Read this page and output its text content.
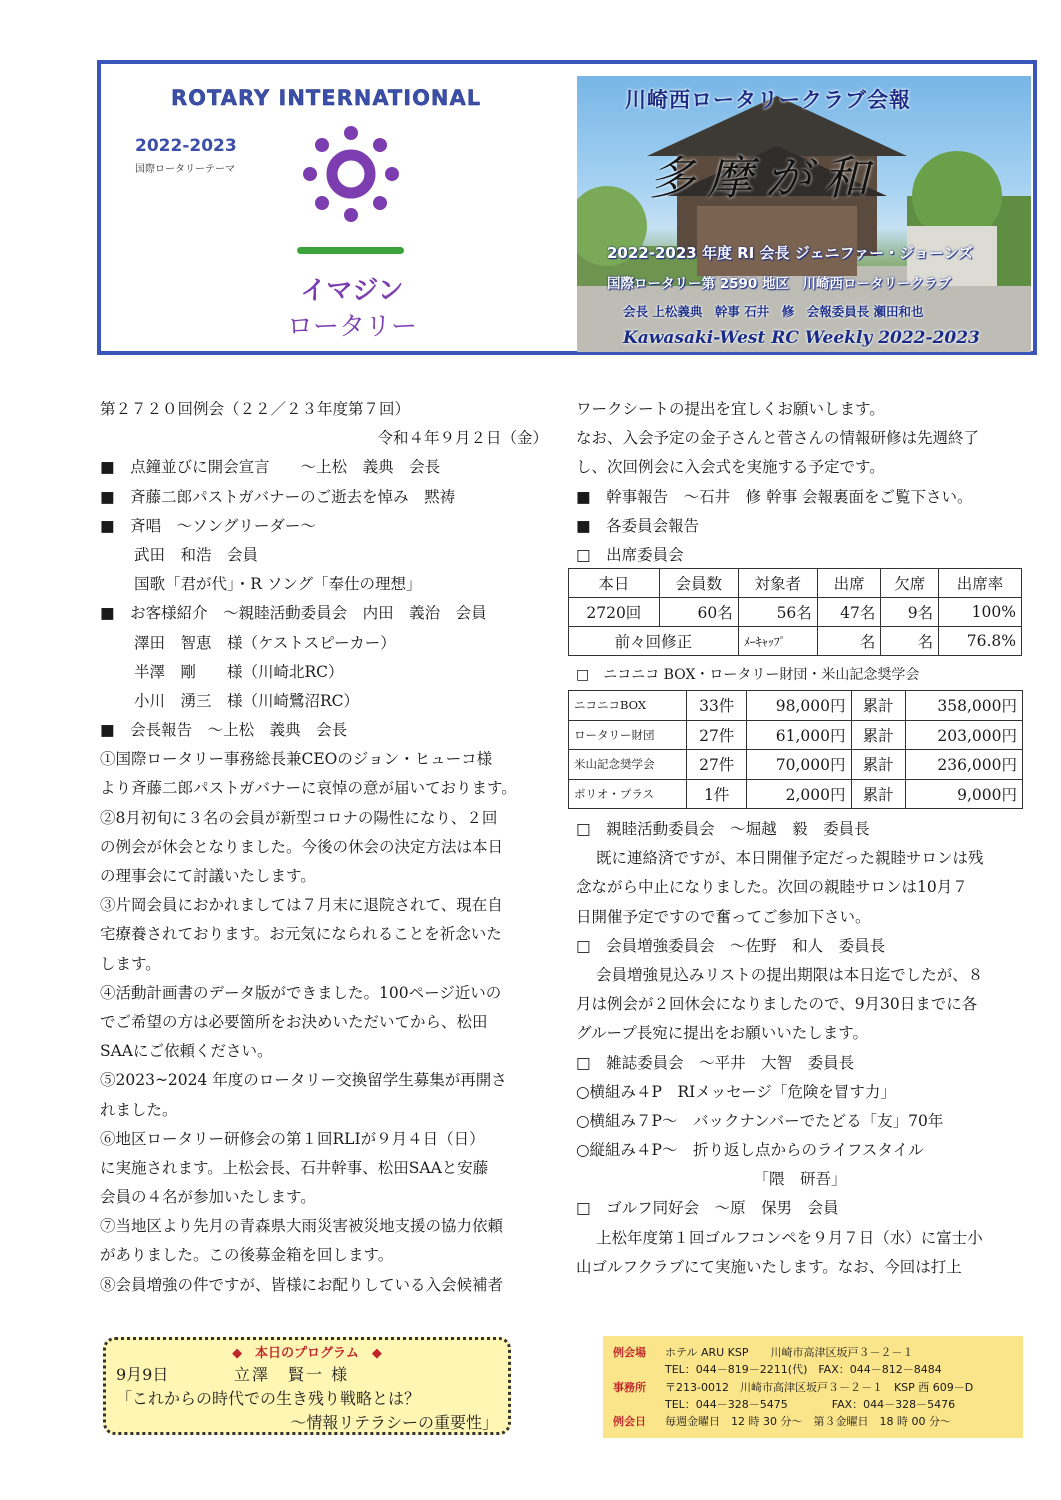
ROTARY INTERNATIONAL
2022-2023
国際ロータリーテーマ
イマジン
ロータリー
川崎西ロータリークラブ会報
多摩が和
2022-2023 年度 RI 会長 ジェニファー・ジョーンズ
国際ロータリー第 2590 地区　川崎西ロータリークラブ
会長 上松義典　幹事 石井　修　会報委員長 瀬田和也
Kawasaki-West RC Weekly 2022-2023
第２７２０回例会（２２／２３年度第７回）
令和４年９月２日（金）
■　点鐘並びに開会宣言　　～上松　義典　会長
■　斉藤二郎パストガバナーのご逝去を悼み　黙祷
■　斉唱　～ソングリーダー～
武田　和浩　会員
国歌「君が代」・R ソング「奉仕の理想」
■　お客様紹介　～親睦活動委員会　内田　義治　会員
澤田　智恵　様（ケストスピーカー）
半澤　剛　　様（川崎北RC）
小川　湧三　様（川崎鷺沼RC）
■　会長報告　～上松　義典　会長
①国際ロータリー事務総長兼CEOのジョン・ヒューコ様
より斉藤二郎パストガバナーに哀悼の意が届いております。
②8月初旬に３名の会員が新型コロナの陽性になり、２回
の例会が休会となりました。今後の休会の決定方法は本日
の理事会にて討議いたします。
③片岡会員におかれましては７月末に退院されて、現在自
宅療養されております。お元気になられることを祈念いた
します。
④活動計画書のデータ版ができました。100ページ近いの
でご希望の方は必要箇所をお決めいただいてから、松田
SAAにご依頼ください。
⑤2023~2024 年度のロータリー交換留学生募集が再開さ
れました。
⑥地区ロータリー研修会の第１回RLIが９月４日（日）
に実施されます。上松会長、石井幹事、松田SAAと安藤
会員の４名が参加いたします。
⑦当地区より先月の青森県大雨災害被災地支援の協力依頼
がありました。この後募金箱を回します。
⑧会員増強の件ですが、皆様にお配りしている入会候補者
ワークシートの提出を宜しくお願いします。
なお、入会予定の金子さんと菅さんの情報研修は先週終了
し、次回例会に入会式を実施する予定です。
■　幹事報告　～石井　修 幹事 会報裏面をご覧下さい。
■　各委員会報告
□　出席委員会
本日	会員数	対象者	出席	欠席	出席率
2720回	60名	56名	47名	9名	100%
前々回修正		ﾒｰｷｬｯﾌﾟ	名	名	76.8%
□　ニコニコ BOX・ロータリー財団・米山記念奨学会
ニコニコBOX	33件	98,000円	累計	358,000円
ロータリー財団	27件	61,000円	累計	203,000円
米山記念奨学会	27件	70,000円	累計	236,000円
ポリオ・プラス	1件	2,000円	累計	9,000円
□　親睦活動委員会　～堀越　毅　委員長
既に連絡済ですが、本日開催予定だった親睦サロンは残
念ながら中止になりました。次回の親睦サロンは10月７
日開催予定ですので奮ってご参加下さい。
□　会員増強委員会　～佐野　和人　委員長
会員増強見込みリストの提出期限は本日迄でしたが、８
月は例会が２回休会になりましたので、9月30日までに各
グループ長宛に提出をお願いいたします。
□　雑誌委員会　～平井　大智　委員長
○横組み４P　RIメッセージ「危険を冒す力」
○横組み７P～　バックナンバーでたどる「友」70年
○縦組み４P～　折り返し点からのライフスタイル
「隈　研吾」
□　ゴルフ同好会　～原　保男　会員
上松年度第１回ゴルフコンペを９月７日（水）に富士小
山ゴルフクラブにて実施いたします。なお、今回は打上
◆　本日のプログラム　◆
9月9日	立澤　賢一 様
「これからの時代での生き残り戦略とは？
～情報リテラシーの重要性」
例会場 ホテル ARU KSP　　川崎市高津区坂戸３－２－１
TEL：044－819－2211(代)　FAX：044－812－8484
事務所 〒213-0012　川崎市高津区坂戸３－２－１　KSP 西 609－D
TEL：044－328－5475　　　　FAX：044－328－5476
例会日 毎週金曜日　12 時 30 分～　第３金曜日　18 時 00 分～
